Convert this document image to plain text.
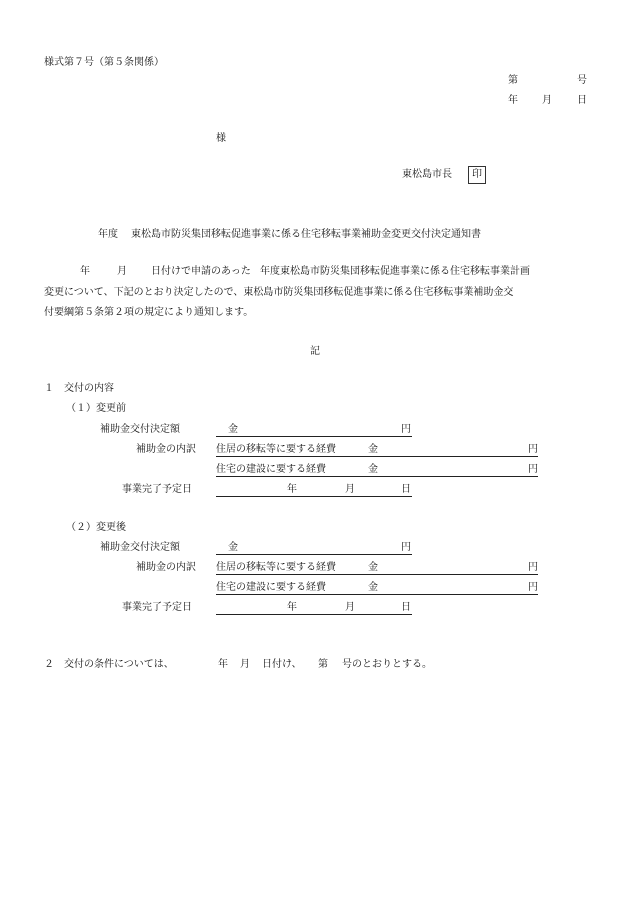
様式第７号（第５条関係）
第	号
年 月	日
様
東松島市長	印
年度 東松島市防災集団移転促進事業に係る住宅移転事業補助金変更交付決定通知書
年	月 日付けで申請のあった 年度東松島市防災集団移転促進事業に係る住宅移転事業計画
変更について、下記のとおり決定したので、東松島市防災集団移転促進事業に係る住宅移転事業補助金交
付要綱第５条第２項の規定により通知します。
記
１　交付の内容
（１）変更前
補助金交付決定額	金	円
補助金の内訳 住居の移転等に要する経費	金	円
住宅の建設に要する経費	金	円
事業完了予定日	年	月	日
（２）変更後
補助金交付決定額	金	円
補助金の内訳 住居の移転等に要する経費	金	円
住宅の建設に要する経費	金	円
事業完了予定日	年	月	日
２　交付の条件については、	年 月 日付け、 第 号のとおりとする。
